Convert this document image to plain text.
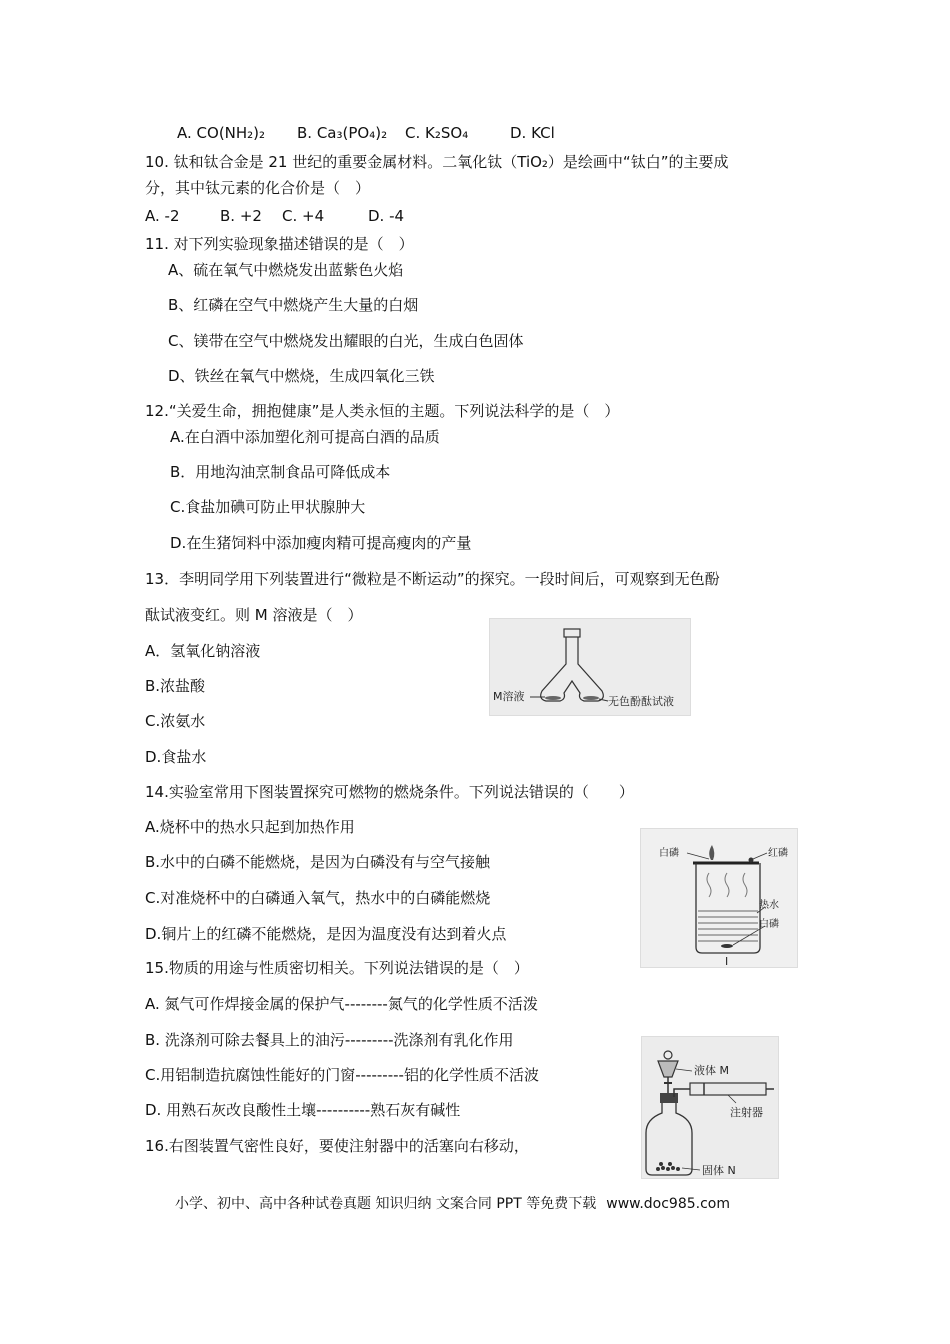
A. CO(NH₂)₂ B. Ca₃(PO₄)₂ C. K₂SO₄	D. KCl
10. 钛和钛合金是 21 世纪的重要金属材料。二氧化钛（TiO₂）是绘画中“钛白”的主要成
分，其中钛元素的化合价是（　）
A. -2	B. +2 C. +4	D. -4
11. 对下列实验现象描述错误的是（　）
A、硫在氧气中燃烧发出蓝紫色火焰
B、红磷在空气中燃烧产生大量的白烟
C、镁带在空气中燃烧发出耀眼的白光，生成白色固体
D、铁丝在氧气中燃烧，生成四氧化三铁
12.“关爱生命，拥抱健康”是人类永恒的主题。下列说法科学的是（　）
A.在白酒中添加塑化剂可提高白酒的品质
B．用地沟油烹制食品可降低成本
C.食盐加碘可防止甲状腺肿大
D.在生猪饲料中添加瘦肉精可提高瘦肉的产量
13．李明同学用下列装置进行“微粒是不断运动”的探究。一段时间后，可观察到无色酚
酞试液变红。则 M 溶液是（　）
A．氢氧化钠溶液
B.浓盐酸
C.浓氨水
D.食盐水
M溶液	无色酚酞试液
14.实验室常用下图装置探究可燃物的燃烧条件。下列说法错误的（　　）
A.烧杯中的热水只起到加热作用
B.水中的白磷不能燃烧，是因为白磷没有与空气接触
C.对准烧杯中的白磷通入氧气，热水中的白磷能燃烧
D.铜片上的红磷不能燃烧，是因为温度没有达到着火点
白磷	红磷
热水
白磷
I
15.物质的用途与性质密切相关。下列说法错误的是（　）
A. 氮气可作焊接金属的保护气--------氮气的化学性质不活泼
B. 洗涤剂可除去餐具上的油污---------洗涤剂有乳化作用
C.用铝制造抗腐蚀性能好的门窗---------铝的化学性质不活波
D. 用熟石灰改良酸性土壤----------熟石灰有碱性
液体 M
注射器
固体 N
16.右图装置气密性良好，要使注射器中的活塞向右移动，
小学、初中、高中各种试卷真题 知识归纳 文案合同 PPT 等免费下载 www.doc985.com
